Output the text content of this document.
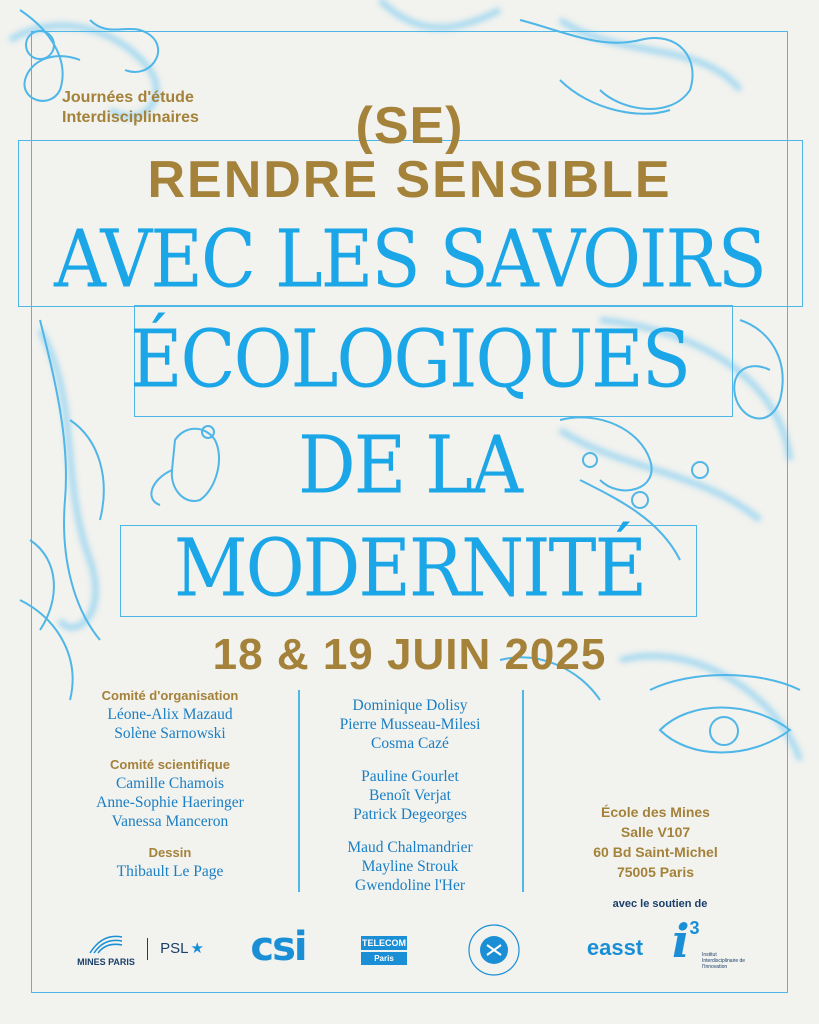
Journées d'étude
Interdisciplinaires	(SE)
RENDRE SENSIBLE
AVEC LES SAVOIRS
ÉCOLOGIQUES
DE LA
MODERNITÉ
18 & 19 JUIN 2025
Comité d'organisation
Léone-Alix Mazaud
Solène Sarnowski
Comité scientifique
Camille Chamois
Anne-Sophie Haeringer
Vanessa Manceron
Dessin
Thibault Le Page
Dominique Dolisy
Pierre Musseau-Milesi
Cosma Cazé
Pauline Gourlet
Benoît Verjat
Patrick Degeorges
Maud Chalmandrier
Mayline Strouk
Gwendoline l'Her
École des Mines
Salle V107
60 Bd Saint-Michel
75005 Paris
avec le soutien de
MINES PARIS
PSL ★ csi	TELECOM
Paris	easst i 3
Institut Interdisciplinaire de l'Innovation
